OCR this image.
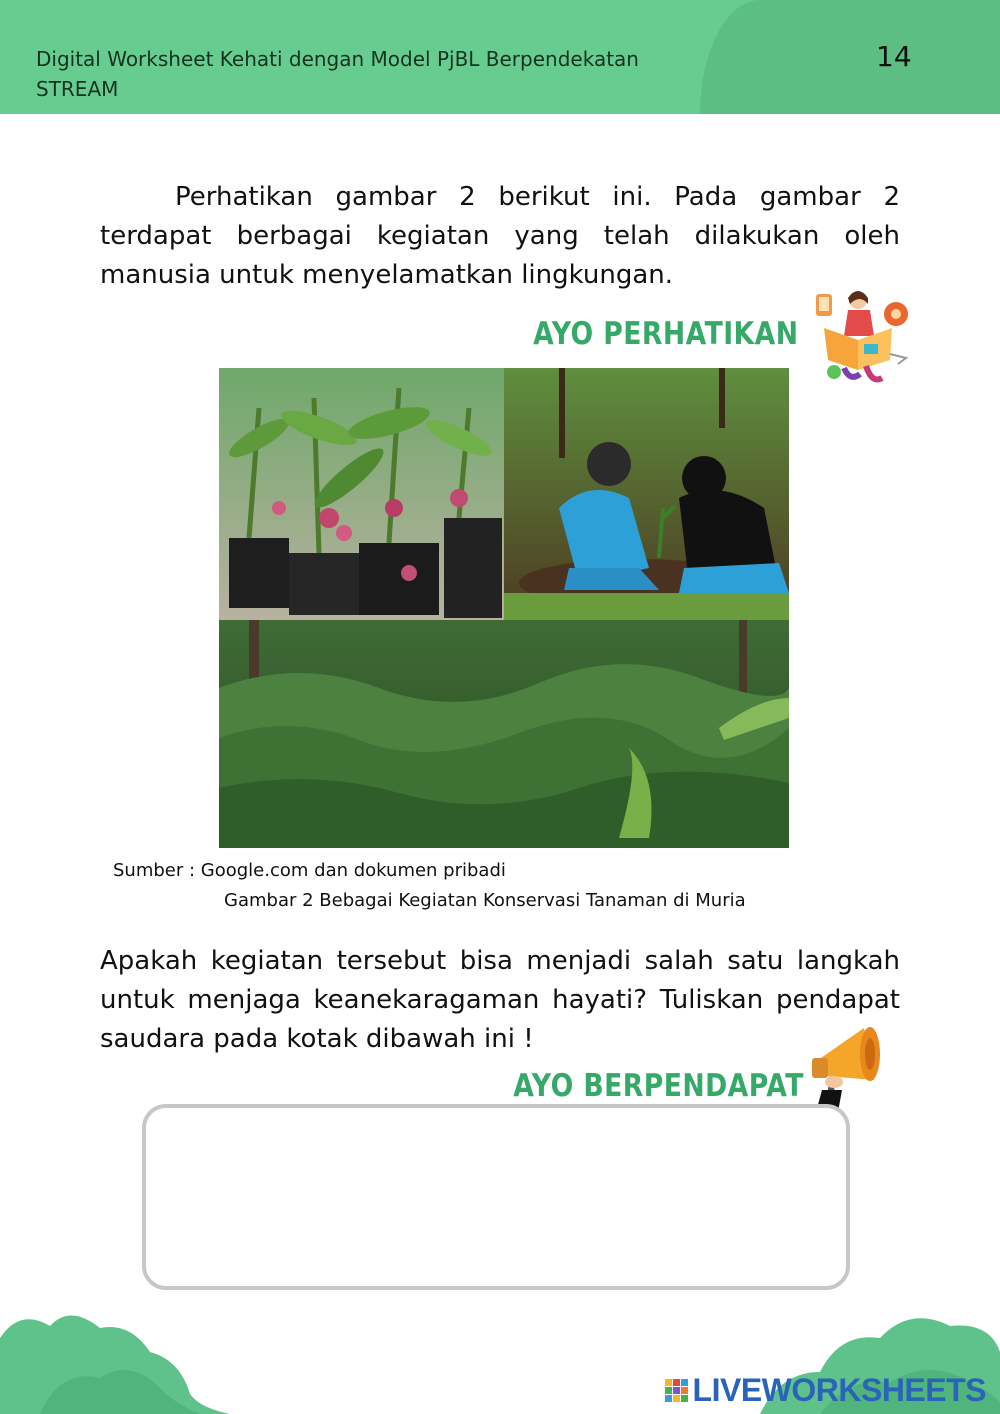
Digital Worksheet Kehati dengan Model PjBL Berpendekatan STREAM
14
Perhatikan gambar 2 berikut ini. Pada gambar 2 terdapat berbagai kegiatan yang telah dilakukan oleh manusia untuk menyelamatkan lingkungan.
AYO PERHATIKAN
Sumber : Google.com dan dokumen pribadi
Gambar 2 Bebagai Kegiatan Konservasi Tanaman di Muria
Apakah kegiatan tersebut bisa menjadi salah satu langkah untuk menjaga keanekaragaman hayati? Tuliskan pendapat saudara pada kotak dibawah ini !
AYO BERPENDAPAT
LIVEWORKSHEETS
